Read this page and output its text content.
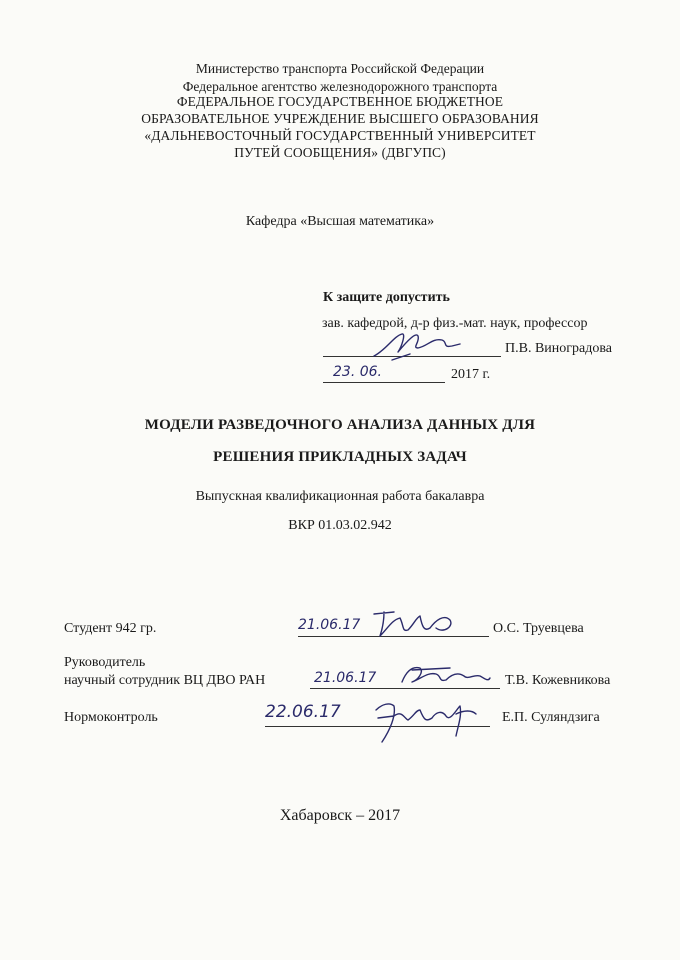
Министерство транспорта Российской Федерации
Федеральное агентство железнодорожного транспорта
ФЕДЕРАЛЬНОЕ ГОСУДАРСТВЕННОЕ БЮДЖЕТНОЕ
ОБРАЗОВАТЕЛЬНОЕ УЧРЕЖДЕНИЕ ВЫСШЕГО ОБРАЗОВАНИЯ
«ДАЛЬНЕВОСТОЧНЫЙ ГОСУДАРСТВЕННЫЙ УНИВЕРСИТЕТ
ПУТЕЙ СООБЩЕНИЯ» (ДВГУПС)
Кафедра «Высшая математика»
К защите допустить
зав. кафедрой, д-р физ.-мат. наук, профессор
П.В. Виноградова
23. 06.	2017 г.
МОДЕЛИ РАЗВЕДОЧНОГО АНАЛИЗА ДАННЫХ ДЛЯ
РЕШЕНИЯ ПРИКЛАДНЫХ ЗАДАЧ
Выпускная квалификационная работа бакалавра
ВКР 01.03.02.942
Студент 942 гр.	21.06.17	О.С. Труевцева
Руководитель
научный сотрудник ВЦ ДВО РАН	21.06.17	Т.В. Кожевникова
Нормоконтроль	22.06.17	Е.П. Суляндзига
Хабаровск – 2017
